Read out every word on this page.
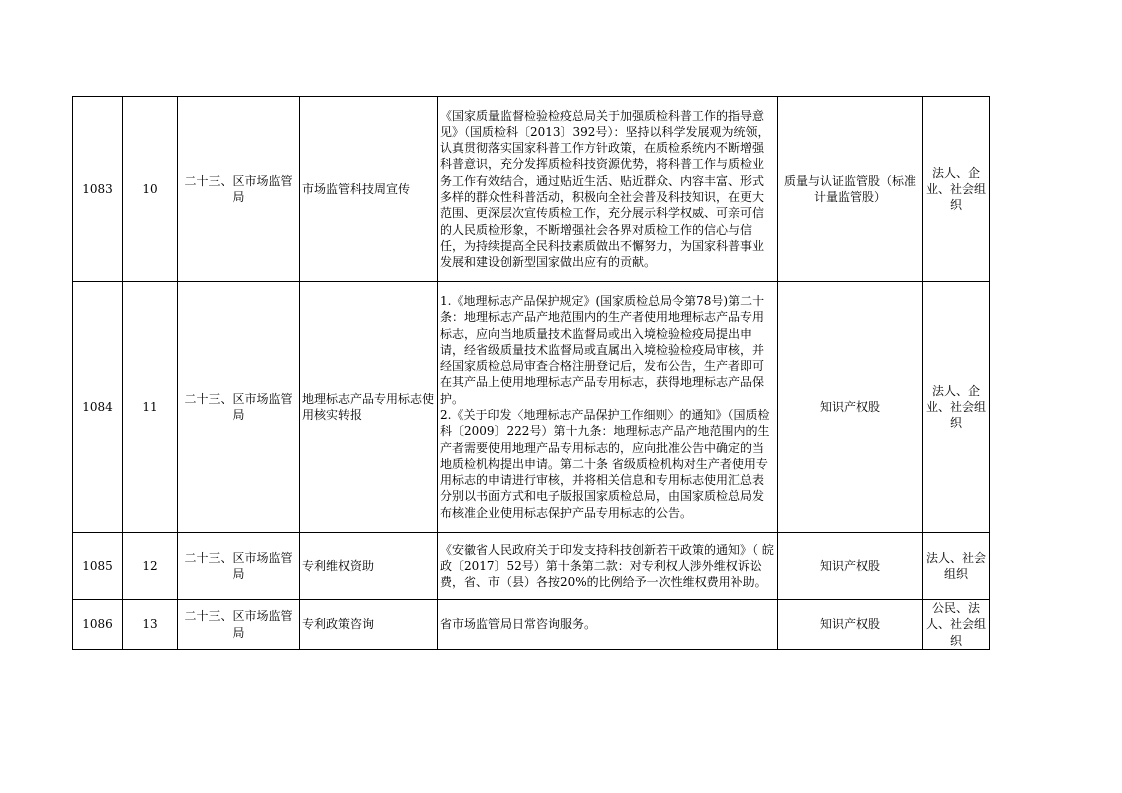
1083	10	二十三、区市场监管局	市场监管科技周宣传	《国家质量监督检验检疫总局关于加强质检科普工作的指导意见》（国质检科〔2013〕392号）：坚持以科学发展观为统领，认真贯彻落实国家科普工作方针政策，在质检系统内不断增强科普意识，充分发挥质检科技资源优势，将科普工作与质检业务工作有效结合，通过贴近生活、贴近群众、内容丰富、形式多样的群众性科普活动，积极向全社会普及科技知识，在更大范围、更深层次宣传质检工作，充分展示科学权威、可亲可信的人民质检形象，不断增强社会各界对质检工作的信心与信任，为持续提高全民科技素质做出不懈努力，为国家科普事业发展和建设创新型国家做出应有的贡献。	质量与认证监管股（标准计量监管股）	法人、企业、社会组织
1084	11	二十三、区市场监管局	地理标志产品专用标志使用核实转报	1.《地理标志产品保护规定》(国家质检总局令第78号)第二十条：地理标志产品产地范围内的生产者使用地理标志产品专用标志，应向当地质量技术监督局或出入境检验检疫局提出申请，经省级质量技术监督局或直属出入境检验检疫局审核，并经国家质检总局审查合格注册登记后，发布公告，生产者即可在其产品上使用地理标志产品专用标志，获得地理标志产品保护。
2.《关于印发〈地理标志产品保护工作细则〉的通知》（国质检科〔2009〕222号）第十九条：地理标志产品产地范围内的生产者需要使用地理产品专用标志的，应向批准公告中确定的当地质检机构提出申请。第二十条 省级质检机构对生产者使用专用标志的申请进行审核，并将相关信息和专用标志使用汇总表分别以书面方式和电子版报国家质检总局，由国家质检总局发布核准企业使用标志保护产品专用标志的公告。	知识产权股	法人、企业、社会组织
1085	12	二十三、区市场监管局	专利维权资助	《安徽省人民政府关于印发支持科技创新若干政策的通知》（ 皖政〔2017〕52号）第十条第二款：对专利权人涉外维权诉讼费，省、市（县）各按20%的比例给予一次性维权费用补助。	知识产权股	法人、社会组织
1086	13	二十三、区市场监管局	专利政策咨询	省市场监管局日常咨询服务。	知识产权股	公民、法人、社会组织
